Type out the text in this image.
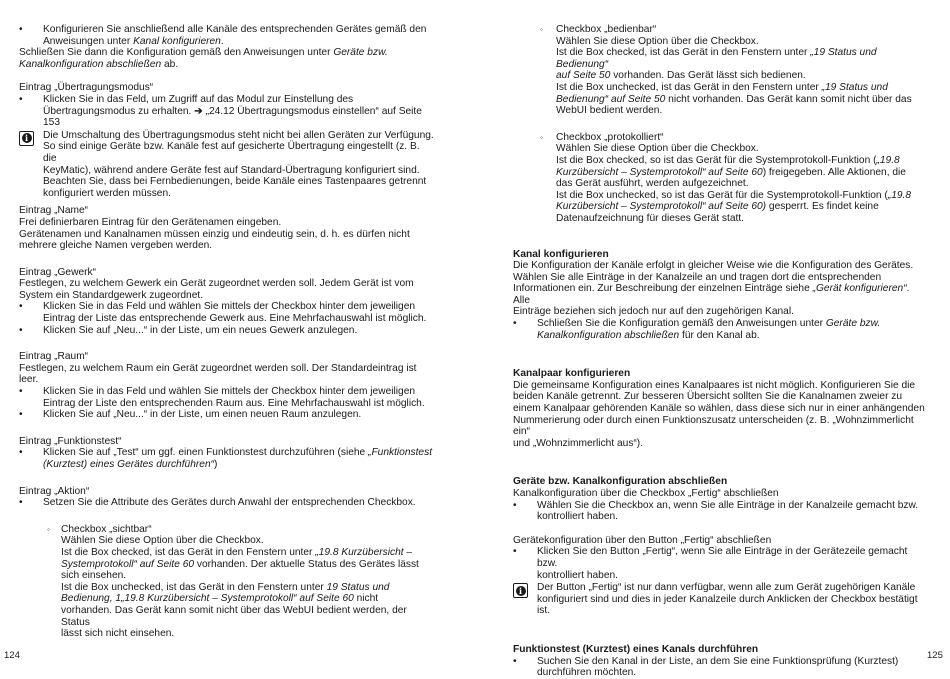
•	Konfigurieren Sie anschließend alle Kanäle des entsprechenden Gerätes gemäß den
Anweisungen unter Kanal konfigurieren.

Schließen Sie dann die Konfiguration gemäß den Anweisungen unter Geräte bzw.
Kanalkonfiguration abschließen ab.

Eintrag „Übertragungsmodus“

•	Klicken Sie in das Feld, um Zugriff auf das Modul zur Einstellung des
Übertragungsmodus zu erhalten. ➔ „24.12 Übertragungsmodus einstellen“ auf Seite
153
i	Die Umschaltung des Übertragungsmodus steht nicht bei allen Geräten zur Verfügung.
So sind einige Geräte bzw. Kanäle fest auf gesicherte Übertragung eingestellt (z. B. die
KeyMatic), während andere Geräte fest auf Standard-Übertragung konfiguriert sind.
Beachten Sie, dass bei Fernbedienungen, beide Kanäle eines Tastenpaares getrennt
konfiguriert werden müssen.

Eintrag „Name“

Frei definierbaren Eintrag für den Gerätenamen eingeben.
Gerätenamen und Kanalnamen müssen einzig und eindeutig sein, d. h. es dürfen nicht
mehrere gleiche Namen vergeben werden.

Eintrag „Gewerk“

Festlegen, zu welchem Gewerk ein Gerät zugeordnet werden soll. Jedem Gerät ist vom
System ein Standardgewerk zugeordnet.

•	Klicken Sie in das Feld und wählen Sie mittels der Checkbox hinter dem jeweiligen
Eintrag der Liste das entsprechende Gewerk aus. Eine Mehrfachauswahl ist möglich.
•	Klicken Sie auf „Neu...“ in der Liste, um ein neues Gewerk anzulegen.

Eintrag „Raum“

Festlegen, zu welchem Raum ein Gerät zugeordnet werden soll. Der Standardeintrag ist leer.

•	Klicken Sie in das Feld und wählen Sie mittels der Checkbox hinter dem jeweiligen
Eintrag der Liste den entsprechenden Raum aus. Eine Mehrfachauswahl ist möglich.
•	Klicken Sie auf „Neu...“ in der Liste, um einen neuen Raum anzulegen.

Eintrag „Funktionstest“

•	Klicken Sie auf „Test“ um ggf. einen Funktionstest durchzuführen (siehe „Funktionstest
(Kurztest) eines Gerätes durchführen“)

Eintrag „Aktion“

•	Setzen Sie die Attribute des Gerätes durch Anwahl der entsprechenden Checkbox.
◦ Checkbox „sichtbar“
Wählen Sie diese Option über die Checkbox.
Ist die Box checked, ist das Gerät in den Fenstern unter „19.8 Kurzübersicht –
Systemprotokoll“ auf Seite 60 vorhanden. Der aktuelle Status des Gerätes lässt
sich einsehen.
Ist die Box unchecked, ist das Gerät in den Fenstern unter 19 Status und
Bedienung, 1„19.8 Kurzübersicht – Systemprotokoll“ auf Seite 60 nicht
vorhanden. Das Gerät kann somit nicht über das WebUI bedient werden, der Status
lässt sich nicht einsehen.
◦ Checkbox „bedienbar“
Wählen Sie diese Option über die Checkbox.
Ist die Box checked, ist das Gerät in den Fenstern unter „19 Status und Bedienung“
auf Seite 50 vorhanden. Das Gerät lässt sich bedienen.
Ist die Box unchecked, ist das Gerät in den Fenstern unter „19 Status und
Bedienung“ auf Seite 50 nicht vorhanden. Das Gerät kann somit nicht über das
WebUI bedient werden.
◦ Checkbox „protokolliert“
Wählen Sie diese Option über die Checkbox.
Ist die Box checked, so ist das Gerät für die Systemprotokoll-Funktion („19.8
Kurzübersicht – Systemprotokoll“ auf Seite 60) freigegeben. Alle Aktionen, die
das Gerät ausführt, werden aufgezeichnet.
Ist die Box unchecked, so ist das Gerät für die Systemprotokoll-Funktion („19.8
Kurzübersicht – Systemprotokoll“ auf Seite 60) gesperrt. Es findet keine
Datenaufzeichnung für dieses Gerät statt.

Kanal konfigurieren

Die Konfiguration der Kanäle erfolgt in gleicher Weise wie die Konfiguration des Gerätes.
Wählen Sie alle Einträge in der Kanalzeile an und tragen dort die entsprechenden
Informationen ein. Zur Beschreibung der einzelnen Einträge siehe „Gerät konfigurieren“. Alle
Einträge beziehen sich jedoch nur auf den zugehörigen Kanal.

•	Schließen Sie die Konfiguration gemäß den Anweisungen unter Geräte bzw.
Kanalkonfiguration abschließen für den Kanal ab.

Kanalpaar konfigurieren

Die gemeinsame Konfiguration eines Kanalpaares ist nicht möglich. Konfigurieren Sie die
beiden Kanäle getrennt. Zur besseren Übersicht sollten Sie die Kanalnamen zweier zu
einem Kanalpaar gehörenden Kanäle so wählen, dass diese sich nur in einer anhängenden
Nummerierung oder durch einen Funktionszusatz unterscheiden (z. B. „Wohnzimmerlicht ein“
und „Wohnzimmerlicht aus“).

Geräte bzw. Kanalkonfiguration abschließen

Kanalkonfiguration über die Checkbox „Fertig“ abschließen

•	Wählen Sie die Checkbox an, wenn Sie alle Einträge in der Kanalzeile gemacht bzw.
kontrolliert haben.

Gerätekonfiguration über den Button „Fertig“ abschließen

•	Klicken Sie den Button „Fertig“, wenn Sie alle Einträge in der Gerätezeile gemacht bzw.
kontrolliert haben.
i	Der Button „Fertig“ ist nur dann verfügbar, wenn alle zum Gerät zugehörigen Kanäle
konfiguriert sind und dies in jeder Kanalzeile durch Anklicken der Checkbox bestätigt ist.

Funktionstest (Kurztest) eines Kanals durchführen

•	Suchen Sie den Kanal in der Liste, an dem Sie eine Funktionsprüfung (Kurztest)
durchführen möchten.
124	125
